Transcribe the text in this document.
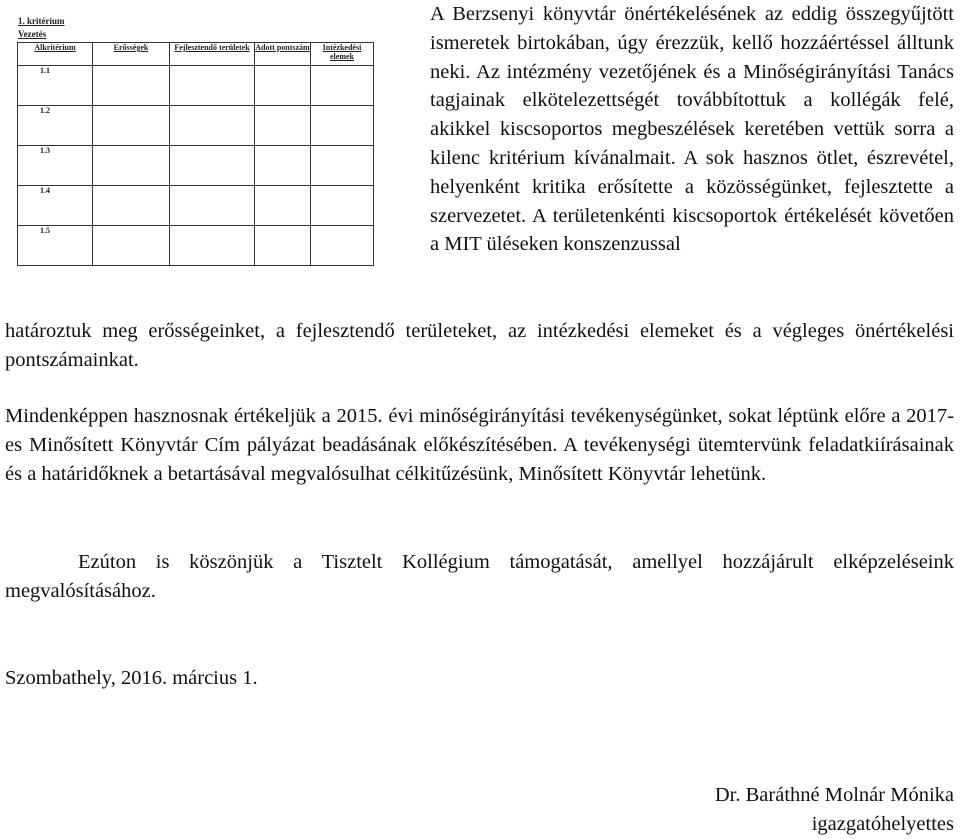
1. kritérium
Vezetés
Alkritérium	Erősségek	Fejlesztendő területek	Adott pontszám	Intézkedési elemek
1.1				
1.2				
1.3				
1.4				
1.5				

A Berzsenyi könyvtár önértékelésének az eddig összegyűjtött ismeretek birtokában, úgy érezzük, kellő hozzáértéssel álltunk neki. Az intézmény vezetőjének és a Minőségirányítási Tanács tagjainak elkötelezettségét továbbítottuk a kollégák felé, akikkel kiscsoportos megbeszélések keretében vettük sorra a kilenc kritérium kívánalmait. A sok hasznos ötlet, észrevétel, helyenként kritika erősítette a közösségünket, fejlesztette a szervezetet. A területenkénti kiscsoportok értékelését követően a MIT üléseken konszenzussal

határoztuk meg erősségeinket, a fejlesztendő területeket, az intézkedési elemeket és a végleges önértékelési pontszámainkat.

Mindenképpen hasznosnak értékeljük a 2015. évi minőségirányítási tevékenységünket, sokat léptünk előre a 2017-es Minősített Könyvtár Cím pályázat beadásának előkészítésében. A tevékenységi ütemtervünk feladatkiírásainak és a határidőknek a betartásával megvalósulhat célkitűzésünk, Minősített Könyvtár lehetünk.

Ezúton is köszönjük a Tisztelt Kollégium támogatását, amellyel hozzájárult elképzeléseink megvalósításához.

Szombathely, 2016. március 1.

Dr. Baráthné Molnár Mónika

igazgatóhelyettes
